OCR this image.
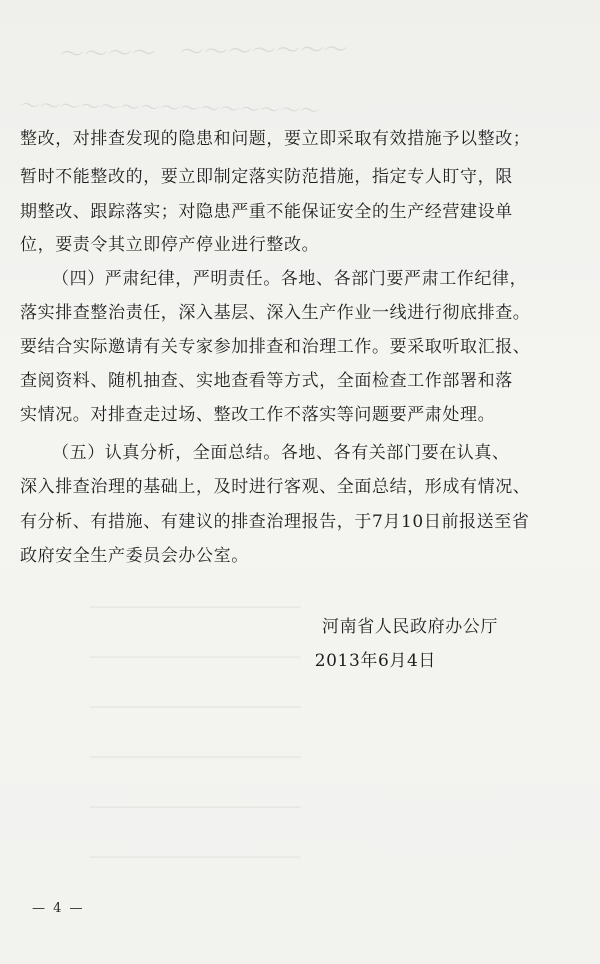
〜〜〜〜　〜〜〜〜〜〜〜
〜〜〜〜〜〜〜〜〜〜〜〜〜〜〜
─────────────────────────
─────────────────────────
─────────────────────────
─────────────────────────
─────────────────────────
─────────────────────────
整改，对排查发现的隐患和问题，要立即采取有效措施予以整改；
暂时不能整改的，要立即制定落实防范措施，指定专人盯守，限
期整改、跟踪落实；对隐患严重不能保证安全的生产经营建设单
位，要责令其立即停产停业进行整改。
（四）严肃纪律，严明责任。各地、各部门要严肃工作纪律，
落实排查整治责任，深入基层、深入生产作业一线进行彻底排查。
要结合实际邀请有关专家参加排查和治理工作。要采取听取汇报、
查阅资料、随机抽查、实地查看等方式，全面检查工作部署和落
实情况。对排查走过场、整改工作不落实等问题要严肃处理。
（五）认真分析，全面总结。各地、各有关部门要在认真、
深入排查治理的基础上，及时进行客观、全面总结，形成有情况、
有分析、有措施、有建议的排查治理报告，于7月10日前报送至省
政府安全生产委员会办公室。
河南省人民政府办公厅
2013年6月4日
— 4 —
